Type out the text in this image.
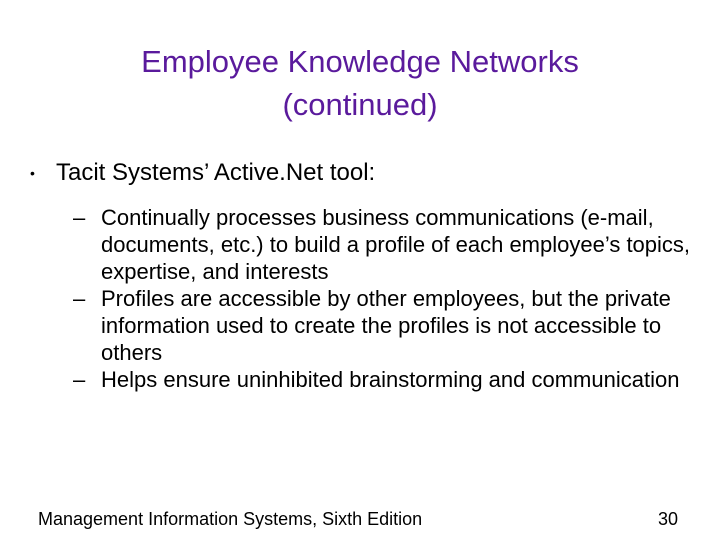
Employee Knowledge Networks
(continued)
• Tacit Systems’ Active.Net tool:
– Continually processes business communications (e-mail, documents, etc.) to build a profile of each employee’s topics, expertise, and interests
– Profiles are accessible by other employees, but the private information used to create the profiles is not accessible to others
– Helps ensure uninhibited brainstorming and communication
Management Information Systems, Sixth Edition	30
